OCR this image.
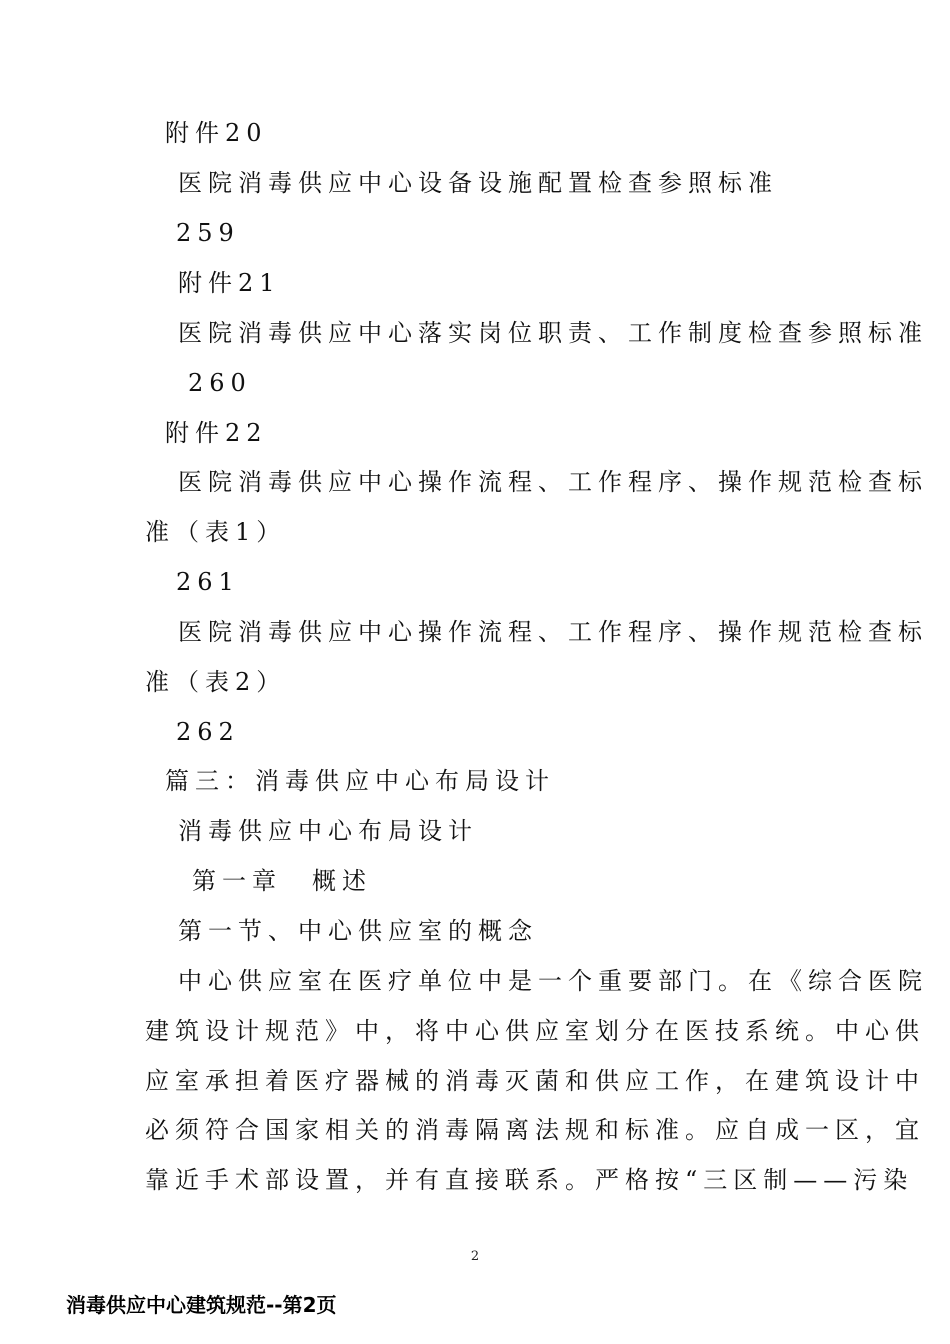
附件20
医院消毒供应中心设备设施配置检查参照标准
259
附件21
医院消毒供应中心落实岗位职责、工作制度检查参照标准
260
附件22
医院消毒供应中心操作流程、工作程序、操作规范检查标
准（表1）
261
医院消毒供应中心操作流程、工作程序、操作规范检查标
准（表2）
262
篇三：消毒供应中心布局设计
消毒供应中心布局设计
第一章　概述
第一节、中心供应室的概念
中心供应室在医疗单位中是一个重要部门。在《综合医院
建筑设计规范》中，将中心供应室划分在医技系统。中心供
应室承担着医疗器械的消毒灭菌和供应工作，在建筑设计中
必须符合国家相关的消毒隔离法规和标准。应自成一区，宜
靠近手术部设置，并有直接联系。严格按“三区制——污染
2
消毒供应中心建筑规范--第2页
